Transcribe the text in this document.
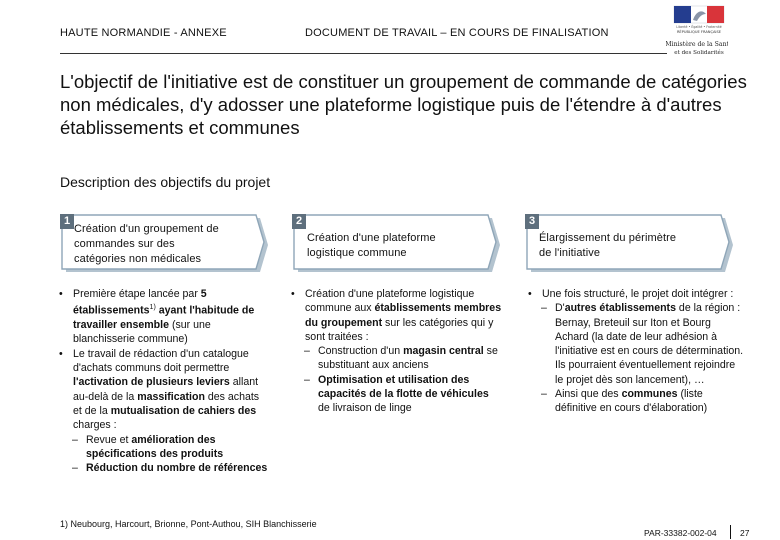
HAUTE NORMANDIE - ANNEXE	DOCUMENT DE TRAVAIL – EN COURS DE FINALISATION	Liberté • Égalité • Fraternité
RÉPUBLIQUE FRANÇAISE
Ministère de la Santé
et des Solidarités
L'objectif de l'initiative est de constituer un groupement de commande de catégories non médicales, d'y adosser une plateforme logistique puis de l'étendre à d'autres établissements et communes
Description des objectifs du projet
1
Création d'un groupement de
commandes sur des
catégories non médicales
2
Création d'une plateforme
logistique commune
3
Élargissement du périmètre
de l'initiative
• Première étape lancée par 5 établissements$^{1)}$ ayant l'habitude de travailler ensemble (sur une blanchisserie commune)
• Le travail de rédaction d'un catalogue d'achats communs doit permettre l'activation de plusieurs leviers allant au-delà de la massification des achats et de la mutualisation de cahiers des charges :
– Revue et amélioration des spécifications des produits
– Réduction du nombre de références
• Création d'une plateforme logistique commune aux établissements membres du groupement sur les catégories qui y sont traitées :
– Construction d'un magasin central se substituant aux anciens
– Optimisation et utilisation des capacités de la flotte de véhicules de livraison de linge
• Une fois structuré, le projet doit intégrer :
– D'autres établissements de la région : Bernay, Breteuil sur Iton et Bourg Achard (la date de leur adhésion à l'initiative est en cours de détermination. Ils pourraient éventuellement rejoindre le projet dès son lancement), …
– Ainsi que des communes (liste définitive en cours d'élaboration)
1) Neubourg, Harcourt, Brionne, Pont-Authou, SIH Blanchisserie
PAR-33382-002-04	27
